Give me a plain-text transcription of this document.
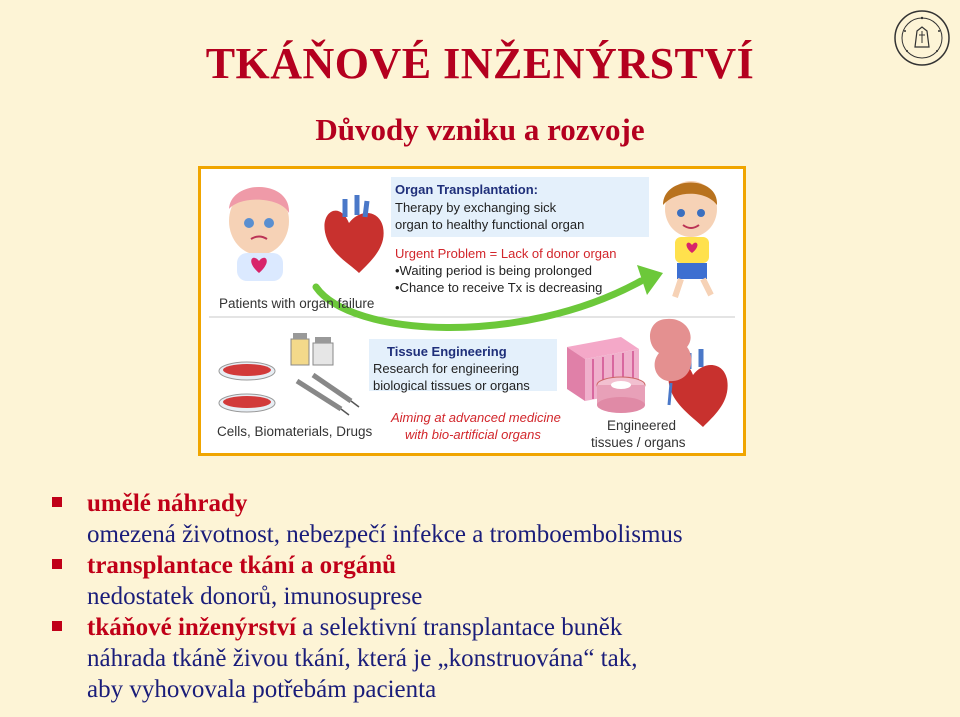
TKÁŇOVÉ INŽENÝRSTVÍ
Důvody vzniku a rozvoje
Organ Transplantation:
Therapy by exchanging sick
organ to healthy functional organ
Urgent Problem = Lack of donor organ
•Waiting period is being prolonged
•Chance to receive Tx is decreasing
Patients with organ failure
Tissue Engineering
Research for engineering
biological tissues or organs
Aiming at advanced medicine
with bio-artificial organs
Cells, Biomaterials, Drugs	Engineered
tissues / organs
umělé náhrady
omezená životnost, nebezpečí infekce a tromboembolismus
transplantace tkání a orgánů
nedostatek donorů, imunosuprese
tkáňové inženýrství a selektivní transplantace buněk
náhrada tkáně živou tkání, která je „konstruována“ tak,
aby vyhovovala potřebám pacienta
